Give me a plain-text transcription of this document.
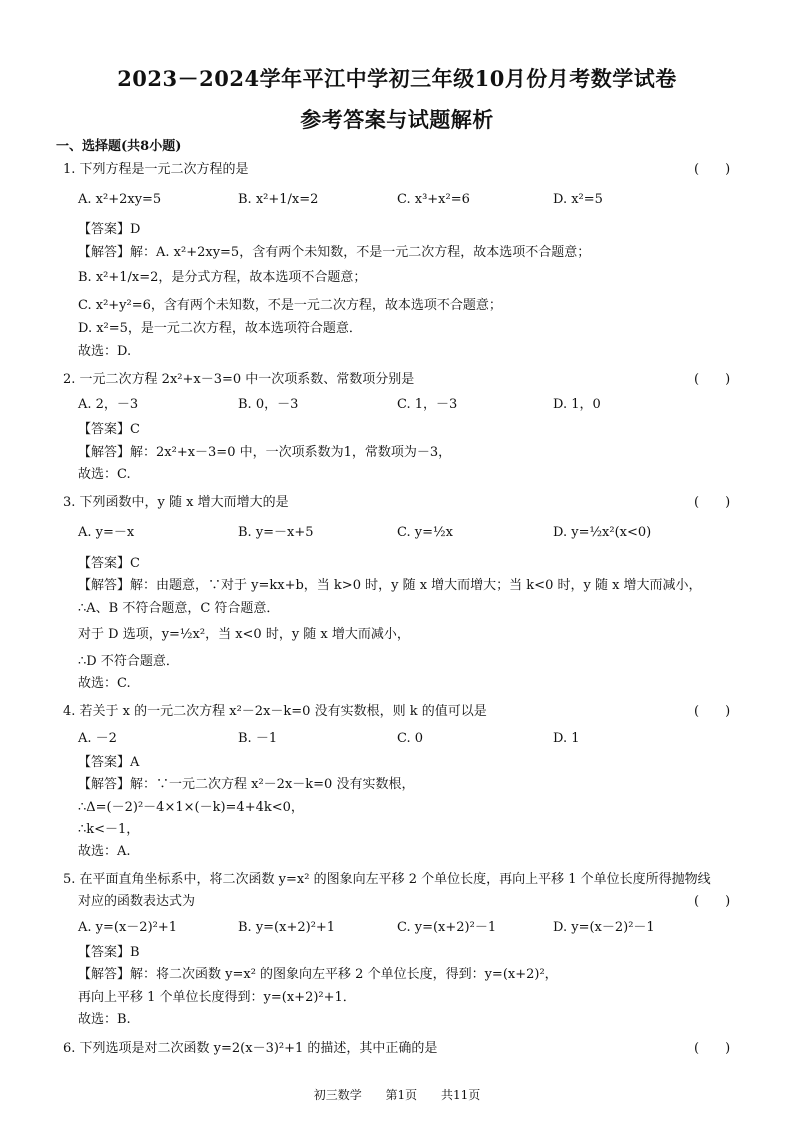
2023－2024学年平江中学初三年级10月份月考数学试卷
参考答案与试题解析
一、选择题(共8小题)
1. 下列方程是一元二次方程的是	(　　)
A. x²+2xy=5	B. x²+1/x=2	C. x³+x²=6	D. x²=5
【答案】D
【解答】解：A. x²+2xy=5，含有两个未知数，不是一元二次方程，故本选项不合题意；
B. x²+1/x=2，是分式方程，故本选项不合题意；
C. x²+y²=6，含有两个未知数，不是一元二次方程，故本选项不合题意；
D. x²=5，是一元二次方程，故本选项符合题意．
故选：D.
2. 一元二次方程 2x²+x－3=0 中一次项系数、常数项分别是	(　　)
A. 2，－3	B. 0，－3	C. 1，－3	D. 1，0
【答案】C
【解答】解：2x²+x－3=0 中，一次项系数为1，常数项为－3，
故选：C.
3. 下列函数中，y 随 x 增大而增大的是	(　　)
A. y=－x	B. y=－x+5	C. y=½x	D. y=½x²(x<0)
【答案】C
【解答】解：由题意，∵对于 y=kx+b，当 k>0 时，y 随 x 增大而增大；当 k<0 时，y 随 x 增大而减小，
∴A、B 不符合题意，C 符合题意．
对于 D 选项，y=½x²，当 x<0 时，y 随 x 增大而减小，
∴D 不符合题意．
故选：C.
4. 若关于 x 的一元二次方程 x²－2x－k=0 没有实数根，则 k 的值可以是	(　　)
A. －2	B. －1	C. 0	D. 1
【答案】A
【解答】解：∵一元二次方程 x²－2x－k=0 没有实数根，
∴Δ=(－2)²－4×1×(－k)=4+4k<0，
∴k<－1，
故选：A.
5. 在平面直角坐标系中，将二次函数 y=x² 的图象向左平移 2 个单位长度，再向上平移 1 个单位长度所得抛物线
对应的函数表达式为	(　　)
A. y=(x－2)²+1	B. y=(x+2)²+1	C. y=(x+2)²－1	D. y=(x－2)²－1
【答案】B
【解答】解：将二次函数 y=x² 的图象向左平移 2 个单位长度，得到：y=(x+2)²，
再向上平移 1 个单位长度得到：y=(x+2)²+1．
故选：B.
6. 下列选项是对二次函数 y=2(x－3)²+1 的描述，其中正确的是	(　　)
初三数学 第1页 共11页
